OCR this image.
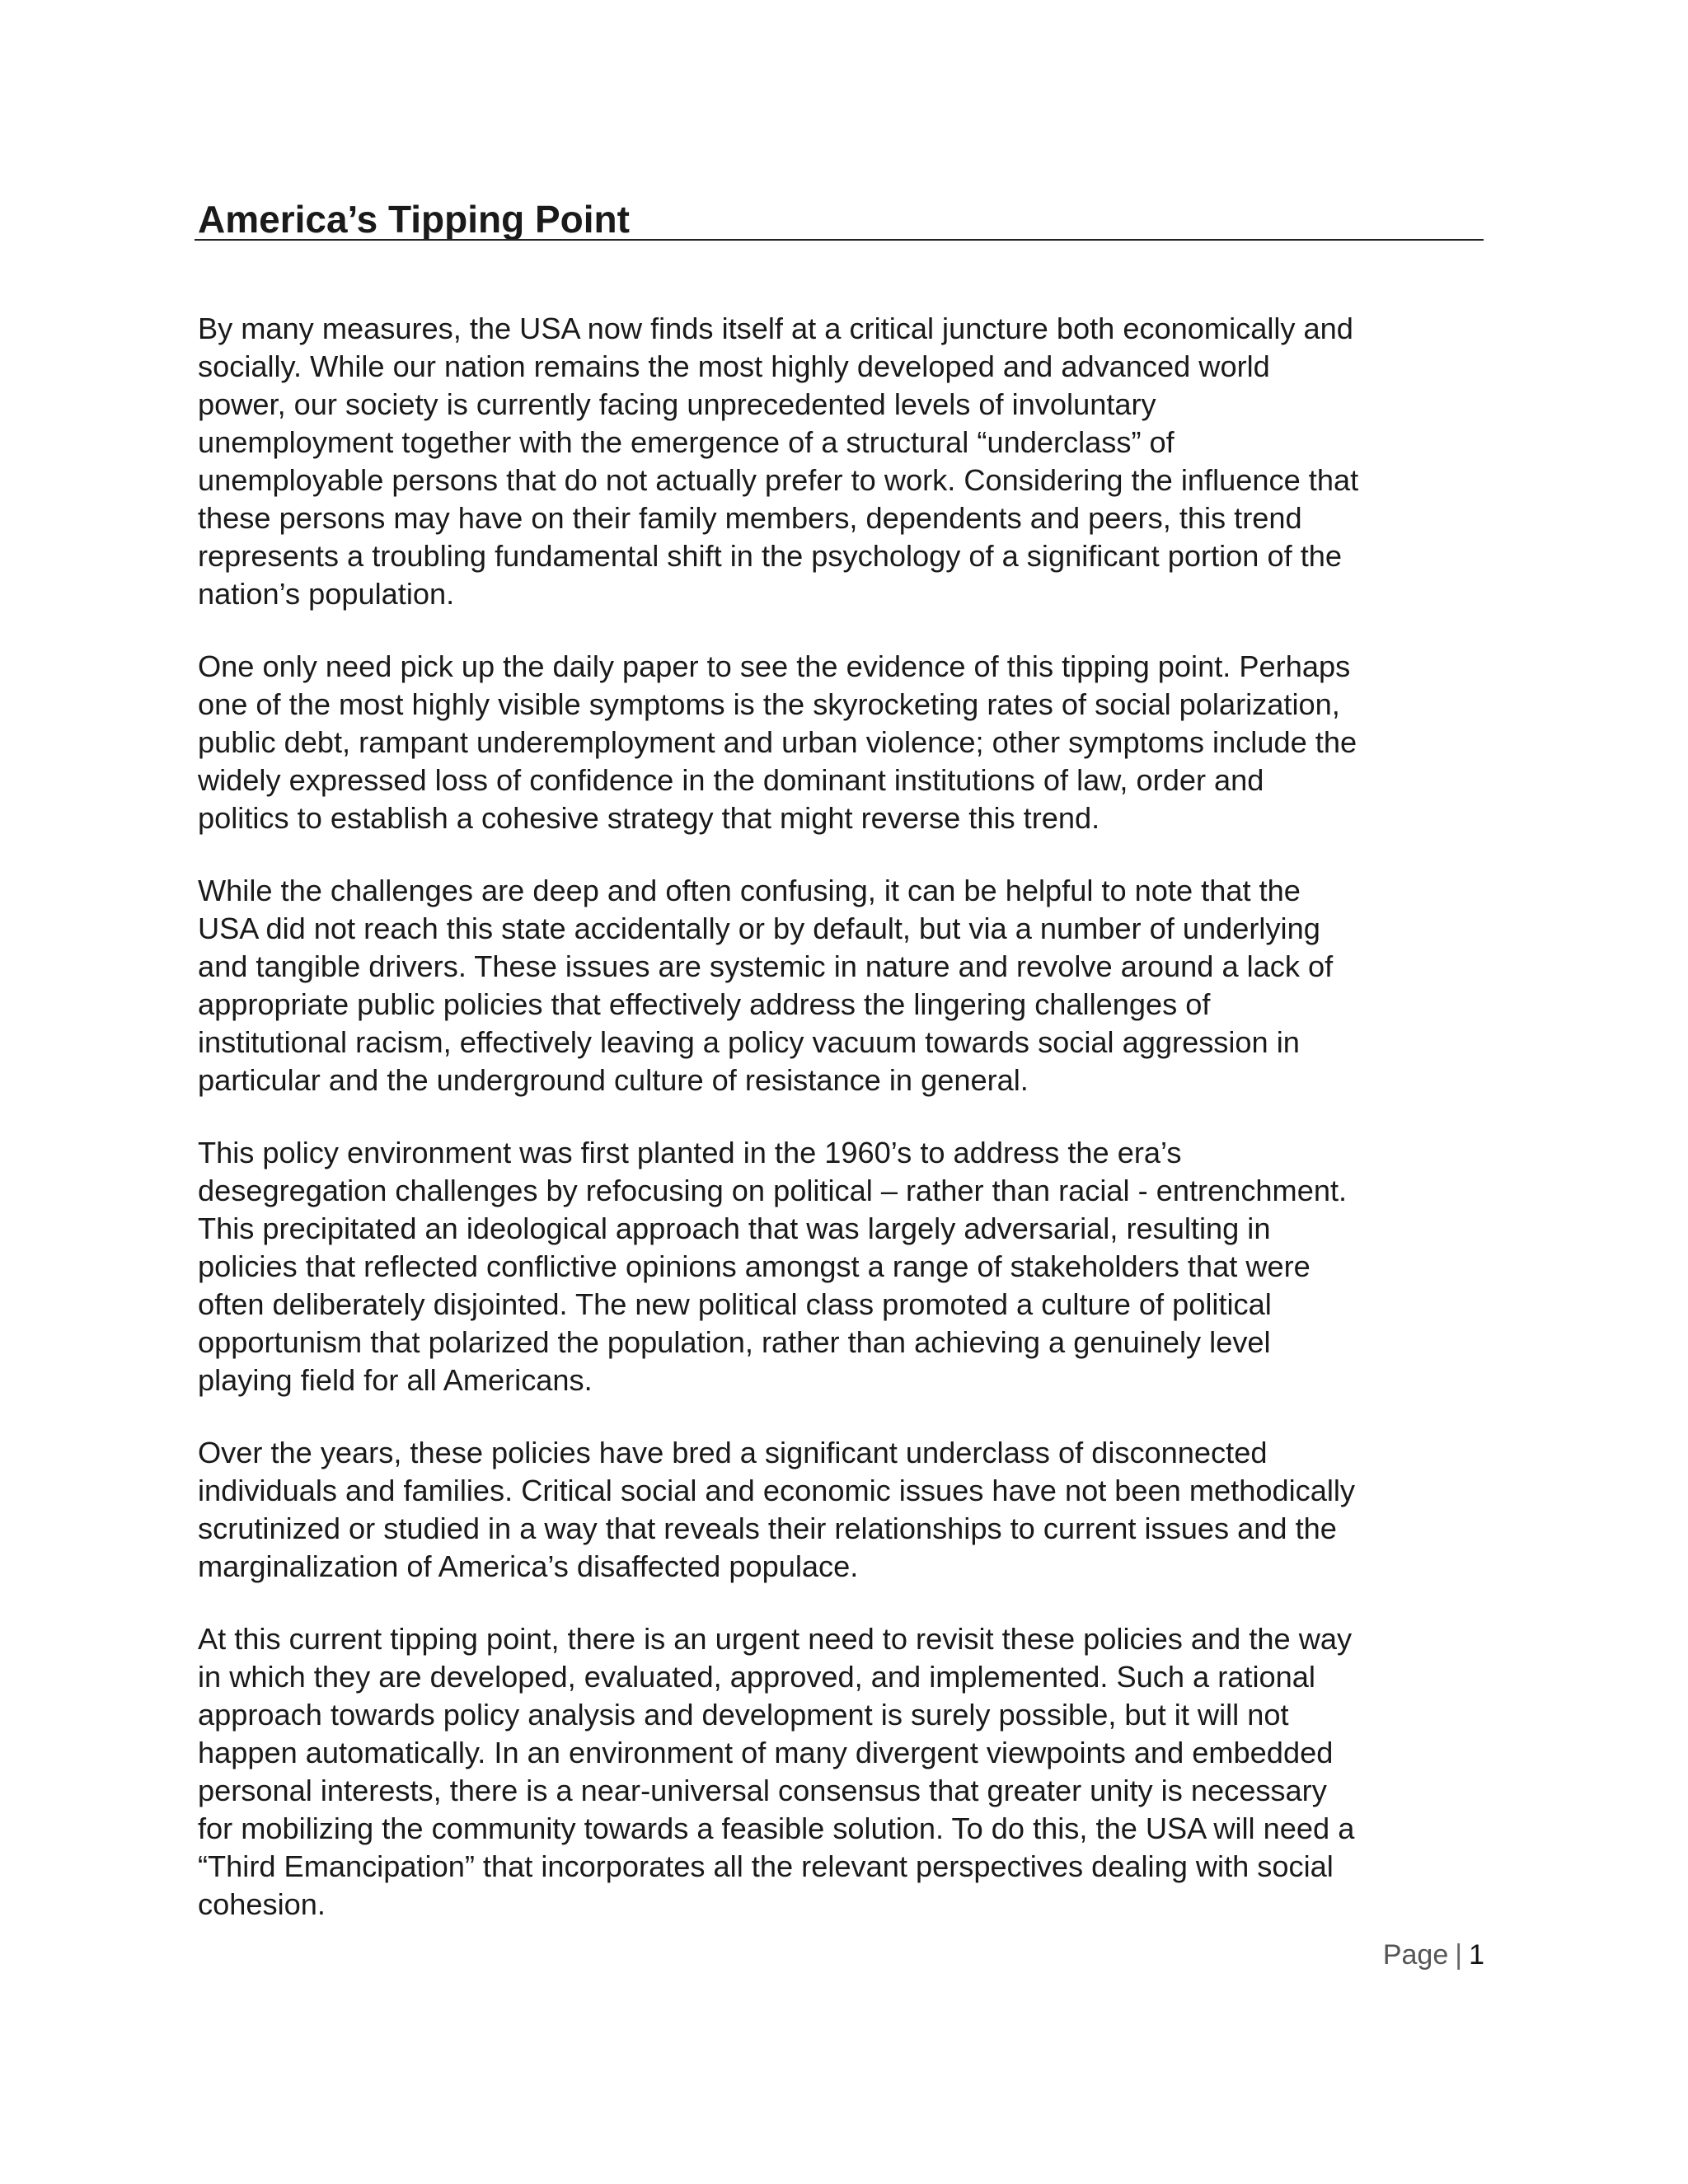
America’s Tipping Point

By many measures, the USA now finds itself at a critical juncture both economically and
socially. While our nation remains the most highly developed and advanced world
power, our society is currently facing unprecedented levels of involuntary
unemployment together with the emergence of a structural “underclass” of
unemployable persons that do not actually prefer to work. Considering the influence that
these persons may have on their family members, dependents and peers, this trend
represents a troubling fundamental shift in the psychology of a significant portion of the
nation’s population.

One only need pick up the daily paper to see the evidence of this tipping point. Perhaps
one of the most highly visible symptoms is the skyrocketing rates of social polarization,
public debt, rampant underemployment and urban violence; other symptoms include the
widely expressed loss of confidence in the dominant institutions of law, order and
politics to establish a cohesive strategy that might reverse this trend.

While the challenges are deep and often confusing, it can be helpful to note that the
USA did not reach this state accidentally or by default, but via a number of underlying
and tangible drivers. These issues are systemic in nature and revolve around a lack of
appropriate public policies that effectively address the lingering challenges of
institutional racism, effectively leaving a policy vacuum towards social aggression in
particular and the underground culture of resistance in general.

This policy environment was first planted in the 1960’s to address the era’s
desegregation challenges by refocusing on political – rather than racial - entrenchment.
This precipitated an ideological approach that was largely adversarial, resulting in
policies that reflected conflictive opinions amongst a range of stakeholders that were
often deliberately disjointed. The new political class promoted a culture of political
opportunism that polarized the population, rather than achieving a genuinely level
playing field for all Americans.

Over the years, these policies have bred a significant underclass of disconnected
individuals and families. Critical social and economic issues have not been methodically
scrutinized or studied in a way that reveals their relationships to current issues and the
marginalization of America’s disaffected populace.

At this current tipping point, there is an urgent need to revisit these policies and the way
in which they are developed, evaluated, approved, and implemented. Such a rational
approach towards policy analysis and development is surely possible, but it will not
happen automatically. In an environment of many divergent viewpoints and embedded
personal interests, there is a near-universal consensus that greater unity is necessary
for mobilizing the community towards a feasible solution. To do this, the USA will need a
“Third Emancipation” that incorporates all the relevant perspectives dealing with social
cohesion.

Page | 1
